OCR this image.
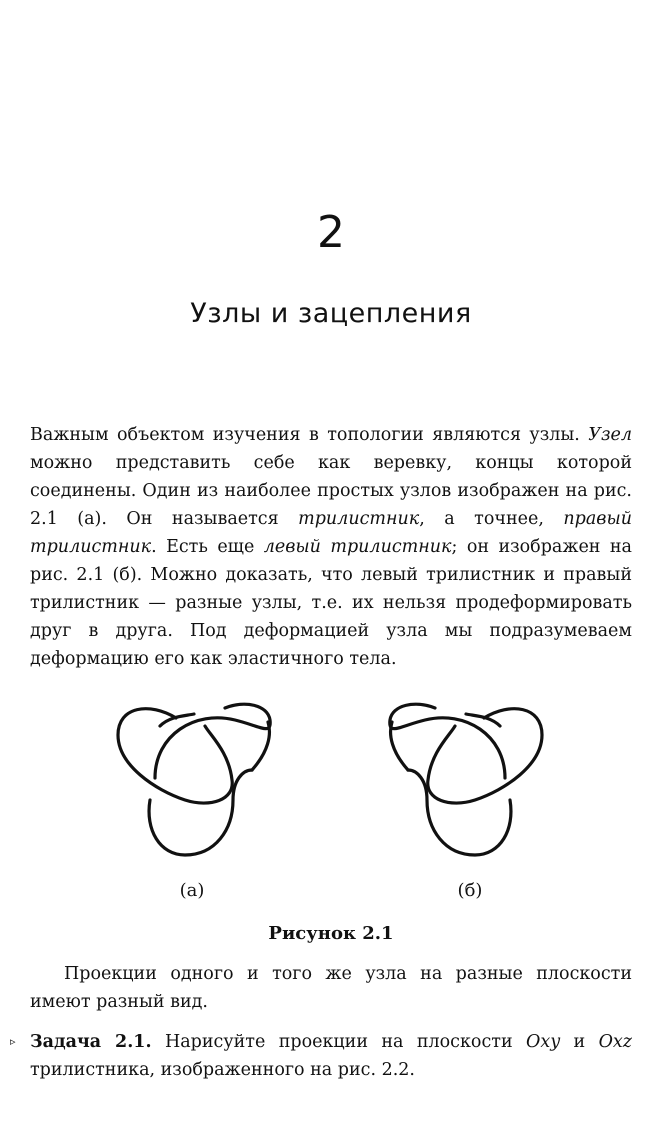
2
Узлы и зацепления

Важным объектом изучения в топологии являются узлы. Узел можно представить себе как веревку, концы которой соединены. Один из наиболее простых узлов изображен на рис. 2.1 (а). Он называется трилистник, а точнее, правый трилистник. Есть еще левый трилистник; он изображен на рис. 2.1 (б). Можно доказать, что левый трилистник и правый трилистник — разные узлы, т.е. их нельзя продеформировать друг в друга. Под деформацией узла мы подразумеваем деформацию его как эластичного тела.

(а)	(б)
Рисунок 2.1

Проекции одного и того же узла на разные плоскости имеют разный вид.

▹ Задача 2.1. Нарисуйте проекции на плоскости Oxy и Oxz трилистника, изображенного на рис. 2.2.
